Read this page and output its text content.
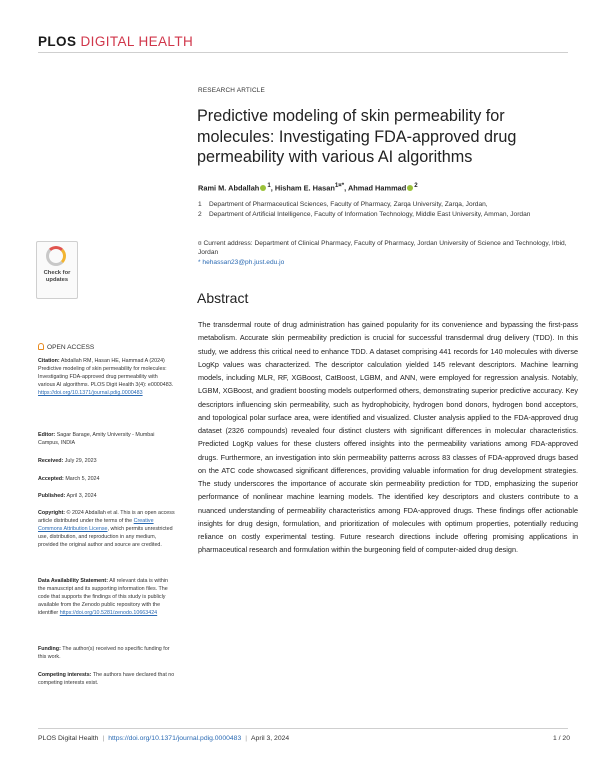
PLOS DIGITAL HEALTH
RESEARCH ARTICLE
Predictive modeling of skin permeability for molecules: Investigating FDA-approved drug permeability with various AI algorithms
Rami M. Abdallah $^1$, Hisham E. Hasan$^{1¤*}$, Ahmad Hammad $^2$
1 Department of Pharmaceutical Sciences, Faculty of Pharmacy, Zarqa University, Zarqa, Jordan,
2 Department of Artificial Intelligence, Faculty of Information Technology, Middle East University, Amman, Jordan
¤ Current address: Department of Clinical Pharmacy, Faculty of Pharmacy, Jordan University of Science and Technology, Irbid, Jordan
* hehassan23@ph.just.edu.jo
Abstract
The transdermal route of drug administration has gained popularity for its convenience and bypassing the first-pass metabolism. Accurate skin permeability prediction is crucial for successful transdermal drug delivery (TDD). In this study, we address this critical need to enhance TDD. A dataset comprising 441 records for 140 molecules with diverse LogKp values was characterized. The descriptor calculation yielded 145 relevant descriptors. Machine learning models, including MLR, RF, XGBoost, CatBoost, LGBM, and ANN, were employed for regression analysis. Notably, LGBM, XGBoost, and gradient boosting models outperformed others, demonstrating superior predictive accuracy. Key descriptors influencing skin permeability, such as hydrophobicity, hydrogen bond donors, hydrogen bond acceptors, and topological polar surface area, were identified and visualized. Cluster analysis applied to the FDA-approved drug dataset (2326 compounds) revealed four distinct clusters with significant differences in molecular characteristics. Predicted LogKp values for these clusters offered insights into the permeability variations among FDA-approved drugs. Furthermore, an investigation into skin permeability patterns across 83 classes of FDA-approved drugs based on the ATC code showcased significant differences, providing valuable information for drug development strategies. The study underscores the importance of accurate skin permeability prediction for TDD, emphasizing the superior performance of nonlinear machine learning models. The identified key descriptors and clusters contribute to a nuanced understanding of permeability characteristics among FDA-approved drugs. These findings offer actionable insights for drug design, formulation, and prioritization of molecules with optimum properties, potentially reducing reliance on costly experimental testing. Future research directions include offering promising applications in pharmaceutical research and formulation within the burgeoning field of computer-aided drug design.
Check for updates
OPEN ACCESS
Citation: Abdallah RM, Hasan HE, Hammad A (2024) Predictive modeling of skin permeability for molecules: Investigating FDA-approved drug permeability with various AI algorithms. PLOS Digit Health 3(4): e0000483. https://doi.org/10.1371/journal.pdig.0000483
Editor: Sagar Barage, Amity University - Mumbai Campus, INDIA
Received: July 29, 2023
Accepted: March 5, 2024
Published: April 3, 2024
Copyright: © 2024 Abdallah et al. This is an open access article distributed under the terms of the Creative Commons Attribution License, which permits unrestricted use, distribution, and reproduction in any medium, provided the original author and source are credited.
Data Availability Statement: All relevant data is within the manuscript and its supporting information files. The code that supports the findings of this study is publicly available from the Zenodo public repository with the identifier https://doi.org/10.5281/zenodo.10663424
Funding: The author(s) received no specific funding for this work.
Competing interests: The authors have declared that no competing interests exist.
PLOS Digital Health | https://doi.org/10.1371/journal.pdig.0000483 | April 3, 2024	1 / 20
